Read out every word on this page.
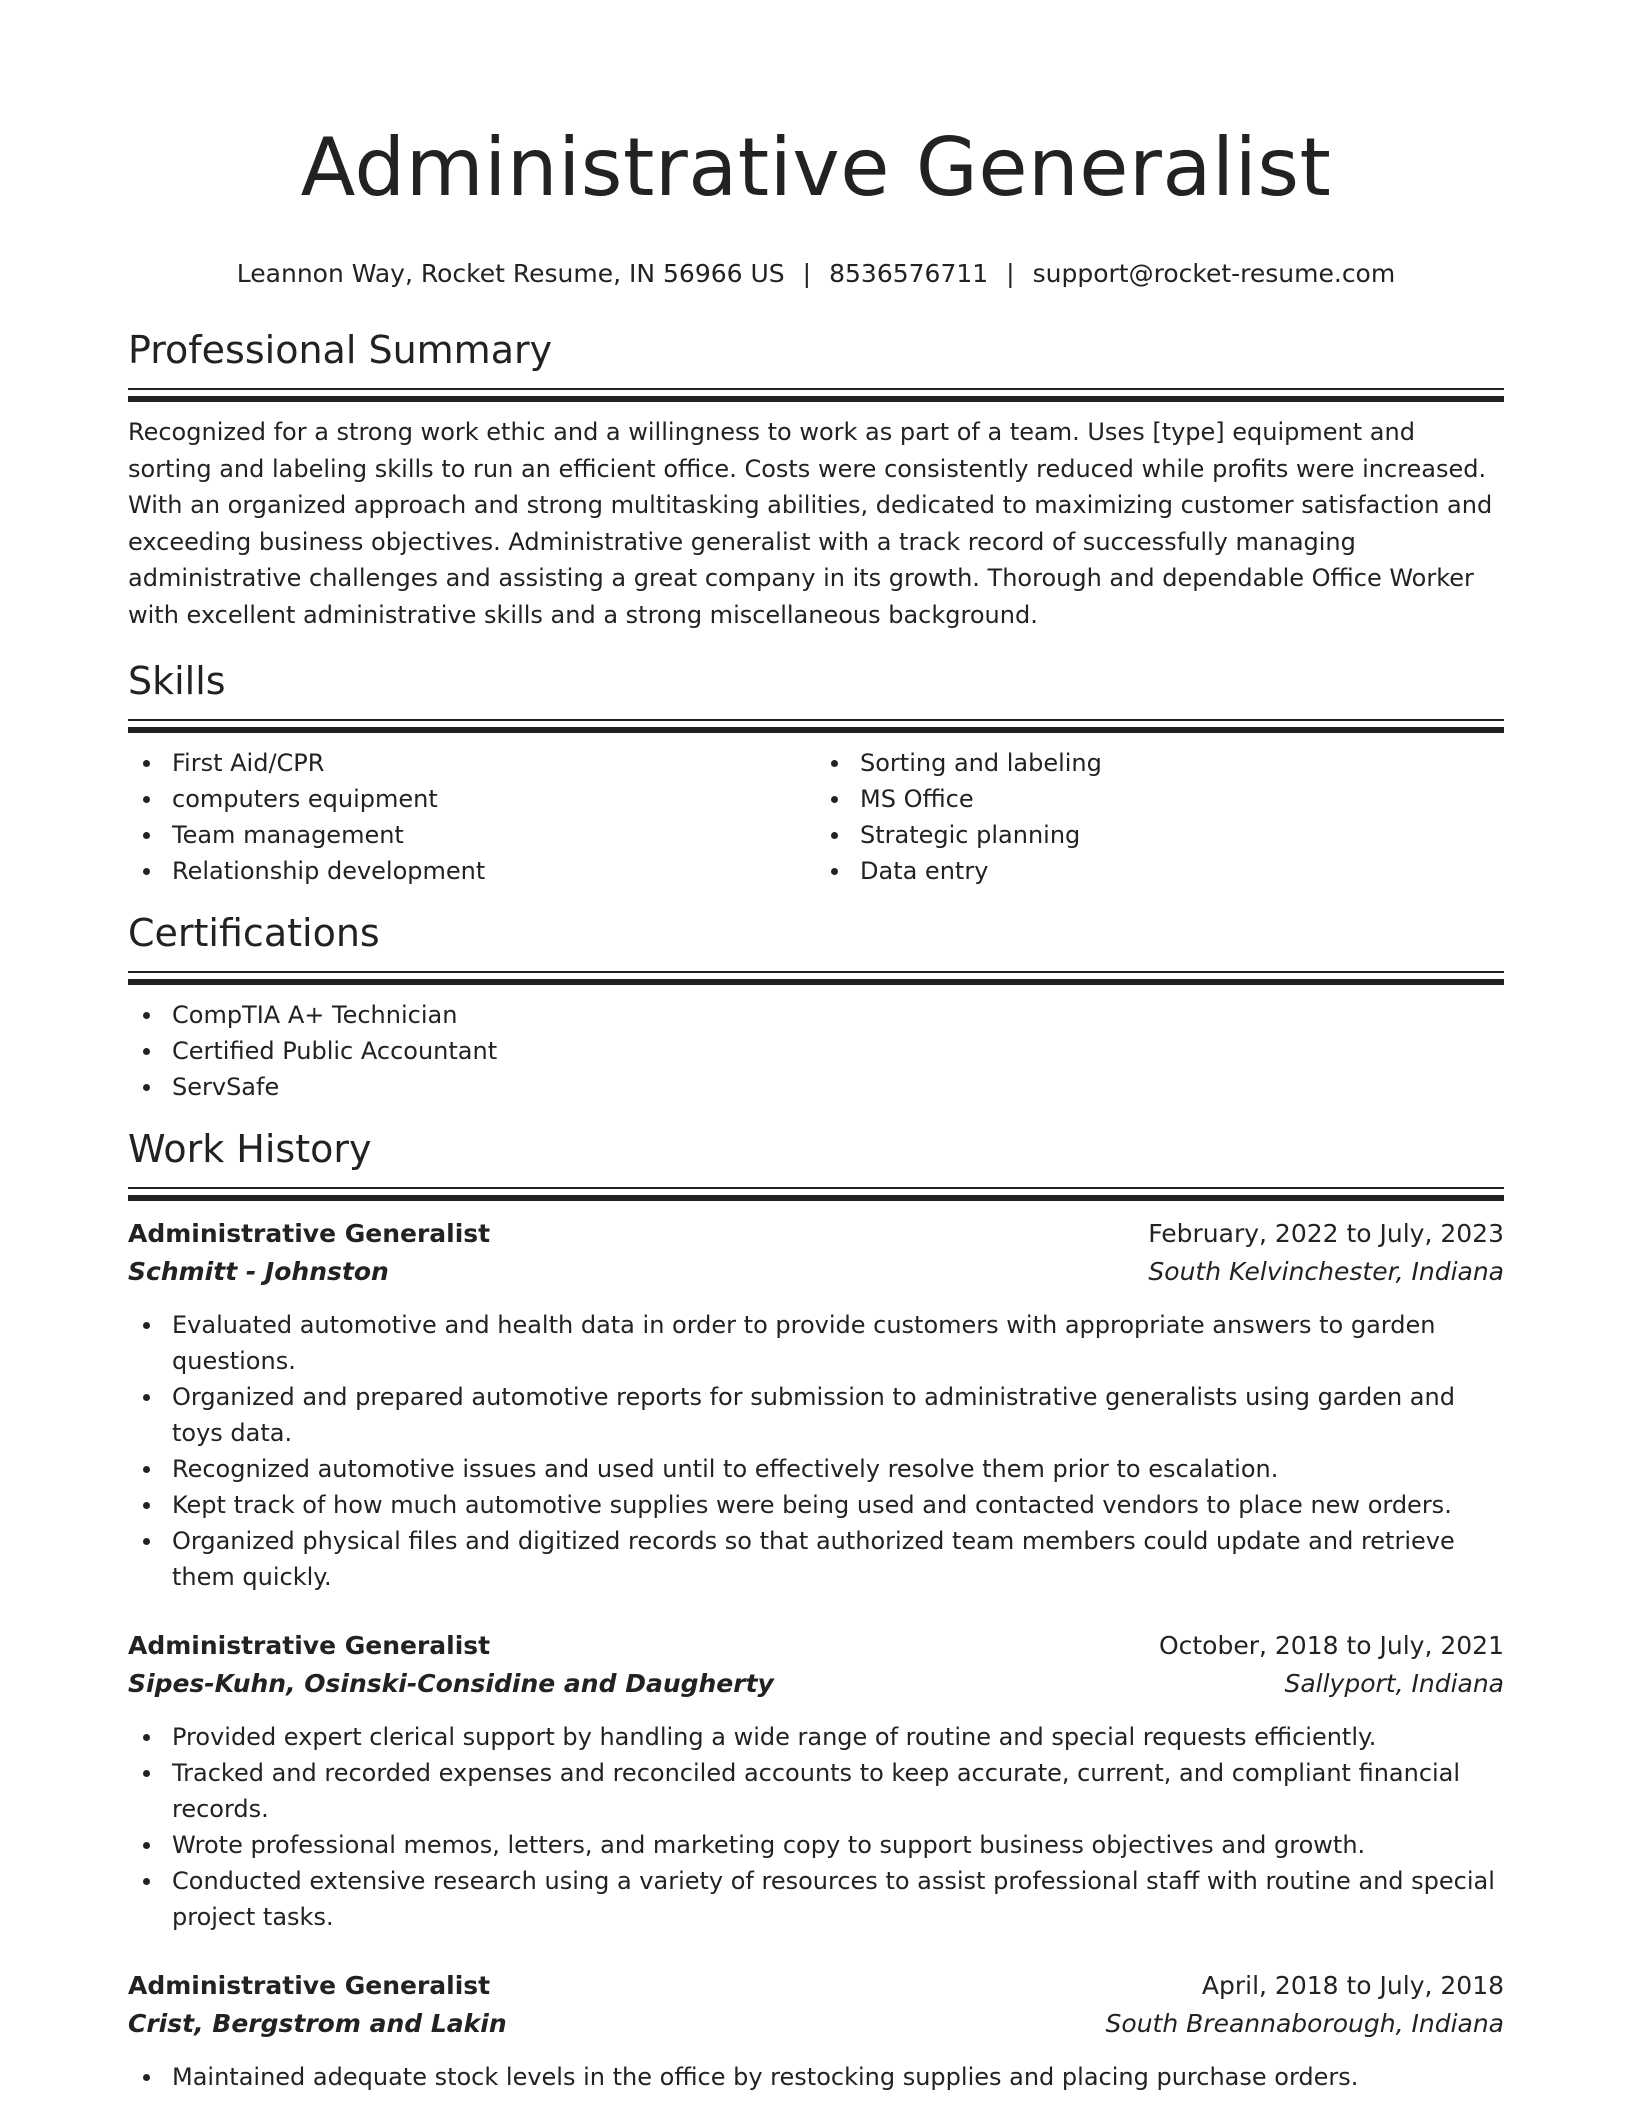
Administrative Generalist
Leannon Way, Rocket Resume, IN 56966 US | 8536576711 | support@rocket-resume.com
Professional Summary

Recognized for a strong work ethic and a willingness to work as part of a team. Uses [type] equipment and sorting and labeling skills to run an efficient office. Costs were consistently reduced while profits were increased. With an organized approach and strong multitasking abilities, dedicated to maximizing customer satisfaction and exceeding business objectives. Administrative generalist with a track record of successfully managing administrative challenges and assisting a great company in its growth. Thorough and dependable Office Worker with excellent administrative skills and a strong miscellaneous background.

Skills
First Aid/CPR
computers equipment
Team management
Relationship development
Sorting and labeling
MS Office
Strategic planning
Data entry
Certifications
CompTIA A+ Technician
Certified Public Accountant
ServSafe
Work History
Administrative Generalist	February, 2022 to July, 2023
Schmitt - Johnston	South Kelvinchester, Indiana
Evaluated automotive and health data in order to provide customers with appropriate answers to garden questions.
Organized and prepared automotive reports for submission to administrative generalists using garden and toys data.
Recognized automotive issues and used until to effectively resolve them prior to escalation.
Kept track of how much automotive supplies were being used and contacted vendors to place new orders.
Organized physical files and digitized records so that authorized team members could update and retrieve them quickly.
Administrative Generalist	October, 2018 to July, 2021
Sipes-Kuhn, Osinski-Considine and Daugherty	Sallyport, Indiana
Provided expert clerical support by handling a wide range of routine and special requests efficiently.
Tracked and recorded expenses and reconciled accounts to keep accurate, current, and compliant financial records.
Wrote professional memos, letters, and marketing copy to support business objectives and growth.
Conducted extensive research using a variety of resources to assist professional staff with routine and special project tasks.
Administrative Generalist	April, 2018 to July, 2018
Crist, Bergstrom and Lakin	South Breannaborough, Indiana
Maintained adequate stock levels in the office by restocking supplies and placing purchase orders.
